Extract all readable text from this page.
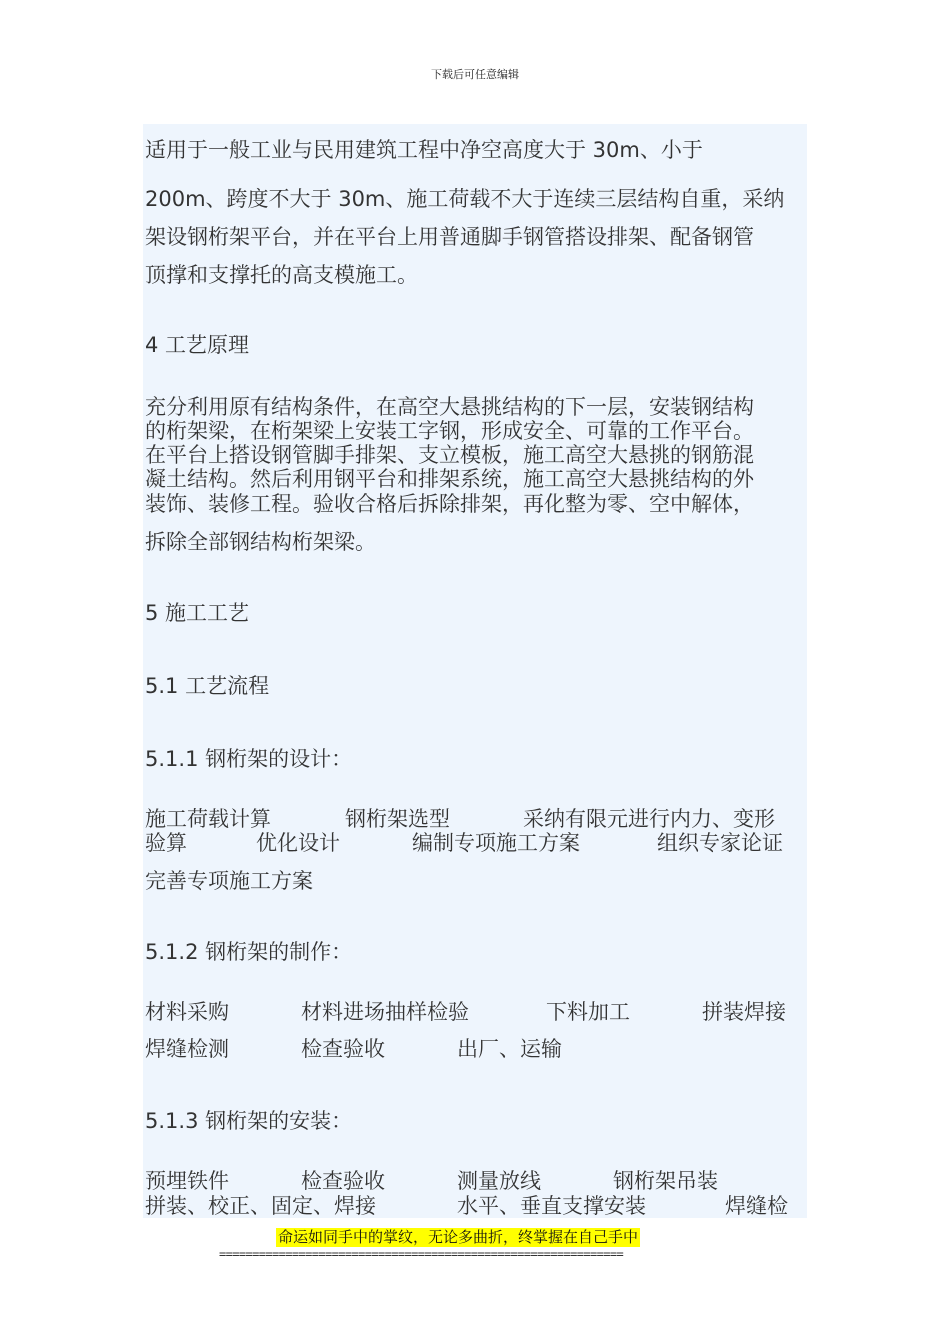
下载后可任意编辑
适用于一般工业与民用建筑工程中净空高度大于 30m、小于
200m、跨度不大于 30m、施工荷载不大于连续三层结构自重，采纳
架设钢桁架平台，并在平台上用普通脚手钢管搭设排架、配备钢管
顶撑和支撑托的高支模施工。
4 工艺原理
充分利用原有结构条件，在高空大悬挑结构的下一层，安装钢结构
的桁架梁，在桁架梁上安装工字钢，形成安全、可靠的工作平台。
在平台上搭设钢管脚手排架、支立模板，施工高空大悬挑的钢筋混
凝土结构。然后利用钢平台和排架系统，施工高空大悬挑结构的外
装饰、装修工程。验收合格后拆除排架，再化整为零、空中解体，
拆除全部钢结构桁架梁。
5 施工工艺
5.1 工艺流程
5.1.1 钢桁架的设计：
施工荷载计算	钢桁架选型	采纳有限元进行内力、变形
验算	优化设计	编制专项施工方案	组织专家论证
完善专项施工方案
5.1.2 钢桁架的制作：
材料采购	材料进场抽样检验	下料加工	拼装焊接
焊缝检测	检查验收	出厂、运输
5.1.3 钢桁架的安装：
预埋铁件	检查验收	测量放线	钢桁架吊装
拼装、校正、固定、焊接	水平、垂直支撑安装	焊缝检
命运如同手中的掌纹，无论多曲折，终掌握在自己手中
=============================================================
